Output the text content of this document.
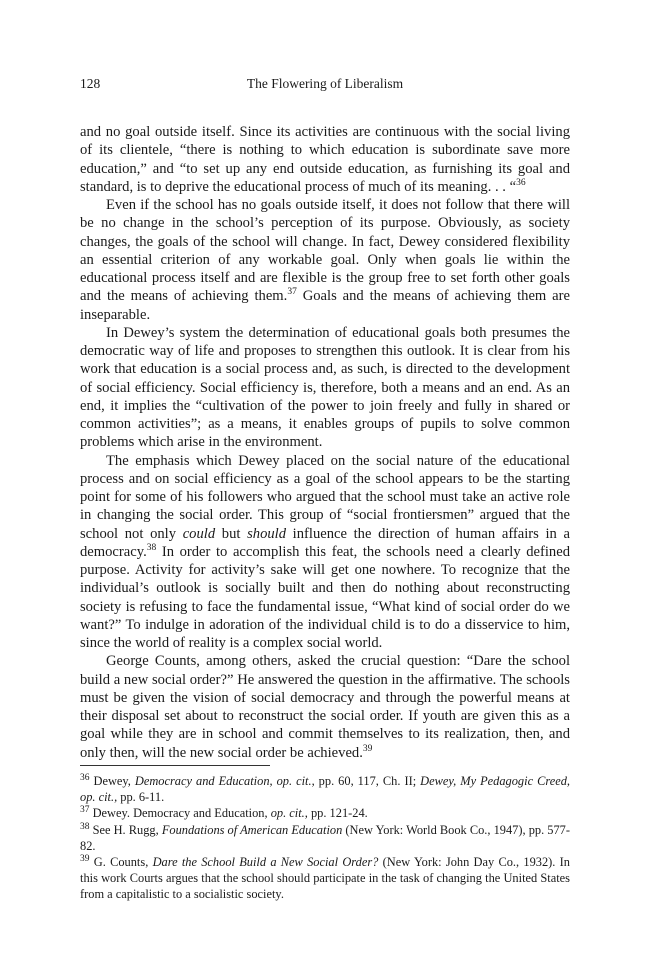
128	The Flowering of Liberalism

and no goal outside itself. Since its activities are continuous with the social living of its clientele, “there is nothing to which education is subordinate save more education,” and “to set up any end outside education, as furnishing its goal and standard, is to deprive the educational process of much of its meaning. . . “$^{36}$

Even if the school has no goals outside itself, it does not follow that there will be no change in the school’s perception of its purpose. Obviously, as society changes, the goals of the school will change. In fact, Dewey considered flexibility an essential criterion of any workable goal. Only when goals lie within the educational process itself and are flexible is the group free to set forth other goals and the means of achieving them.$^{37}$ Goals and the means of achieving them are inseparable.

In Dewey’s system the determination of educational goals both presumes the democratic way of life and proposes to strengthen this outlook. It is clear from his work that education is a social process and, as such, is directed to the development of social efficiency. Social efficiency is, therefore, both a means and an end. As an end, it implies the “cultivation of the power to join freely and fully in shared or common activities”; as a means, it enables groups of pupils to solve common problems which arise in the environment.

The emphasis which Dewey placed on the social nature of the educational process and on social efficiency as a goal of the school appears to be the starting point for some of his followers who argued that the school must take an active role in changing the social order. This group of “social frontiersmen” argued that the school not only could but should influence the direction of human affairs in a democracy.$^{38}$ In order to accomplish this feat, the schools need a clearly defined purpose. Activity for activity’s sake will get one nowhere. To recognize that the individual’s outlook is socially built and then do nothing about reconstructing society is refusing to face the fundamental issue, “What kind of social order do we want?” To indulge in adoration of the individual child is to do a disservice to him, since the world of reality is a complex social world.

George Counts, among others, asked the crucial question: “Dare the school build a new social order?” He answered the question in the affirmative. The schools must be given the vision of social democracy and through the powerful means at their disposal set about to reconstruct the social order. If youth are given this as a goal while they are in school and commit themselves to its realization, then, and only then, will the new social order be achieved.$^{39}$

$^{36}$ Dewey, Democracy and Education, op. cit., pp. 60, 117, Ch. II; Dewey, My Pedagogic Creed, op. cit., pp. 6-11.

$^{37}$ Dewey. Democracy and Education, op. cit., pp. 121-24.

$^{38}$ See H. Rugg, Foundations of American Education (New York: World Book Co., 1947), pp. 577-82.

$^{39}$ G. Counts, Dare the School Build a New Social Order? (New York: John Day Co., 1932). In this work Courts argues that the school should participate in the task of changing the United States from a capitalistic to a socialistic society.
